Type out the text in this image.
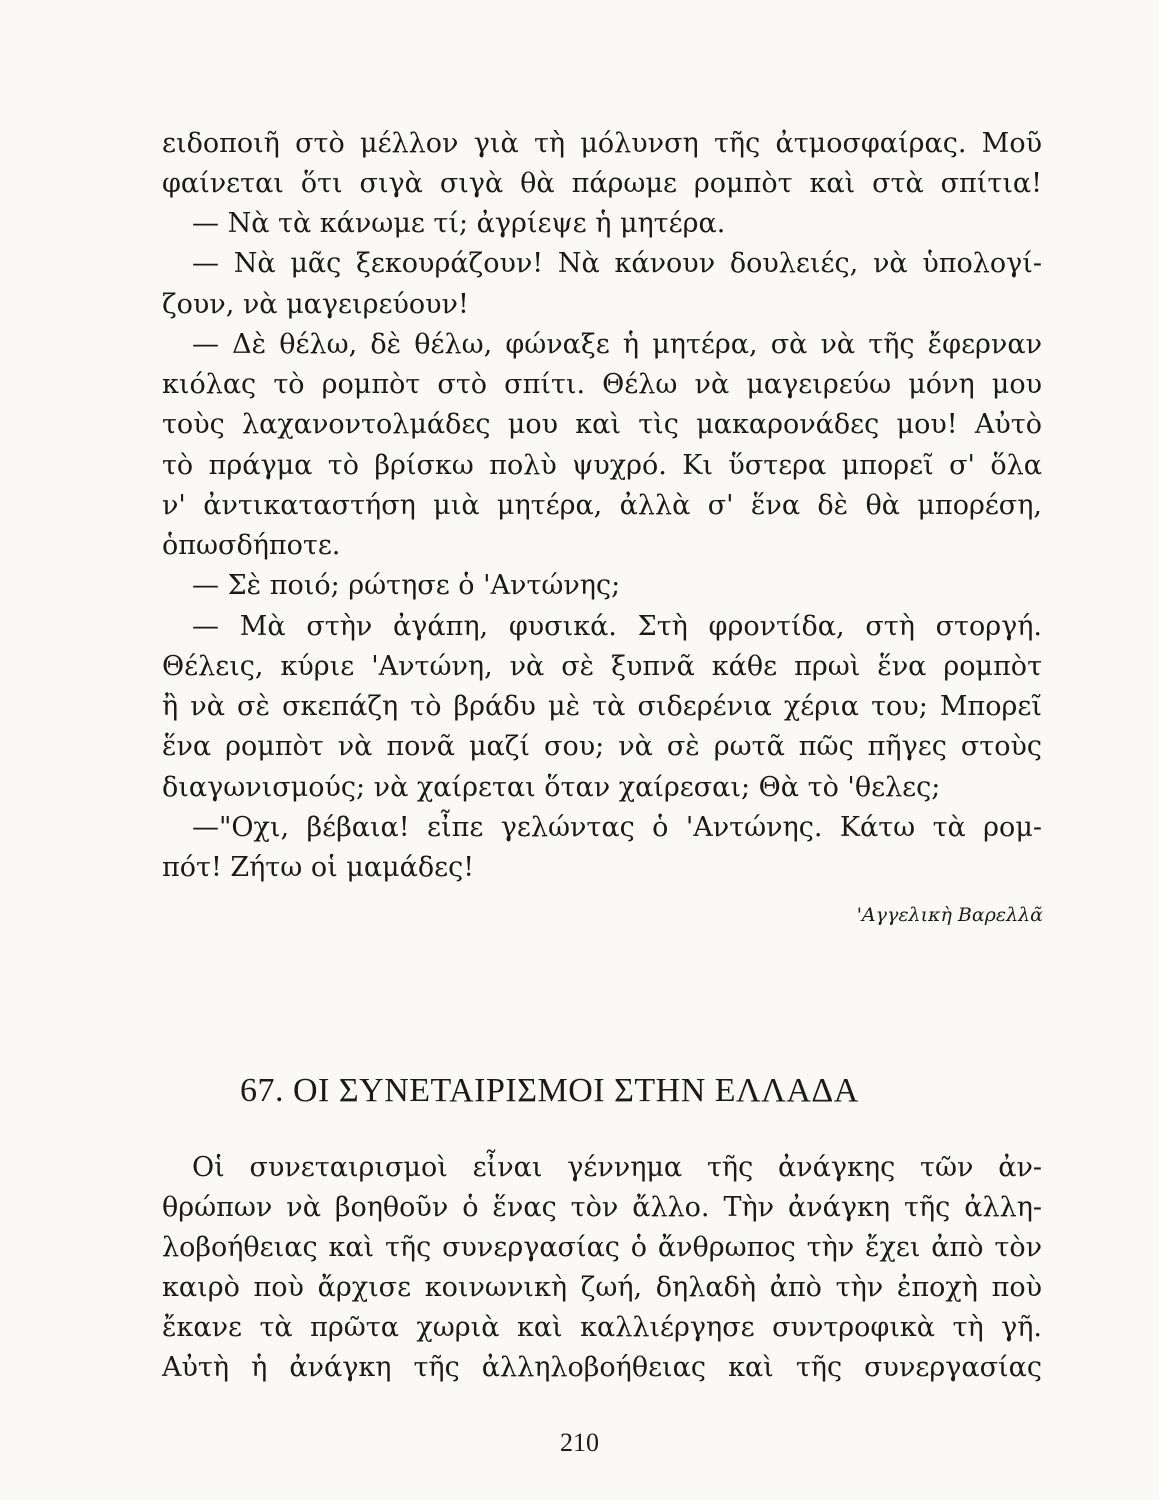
ειδοποιῆ στὸ μέλλον γιὰ τὴ μόλυνση τῆς ἀτμοσφαίρας. Μοῦ
φαίνεται ὅτι σιγὰ σιγὰ θὰ πάρωμε ρομπὸτ καὶ στὰ σπίτια!
— Νὰ τὰ κάνωμε τί; ἀγρίεψε ἡ μητέρα.
— Νὰ μᾶς ξεκουράζουν! Νὰ κάνουν δουλειές, νὰ ὑπολογί-
ζουν, νὰ μαγειρεύουν!
— Δὲ θέλω, δὲ θέλω, φώναξε ἡ μητέρα, σὰ νὰ τῆς ἔφερναν
κιόλας τὸ ρομπὸτ στὸ σπίτι. Θέλω νὰ μαγειρεύω μόνη μου
τοὺς λαχανοντολμάδες μου καὶ τὶς μακαρονάδες μου! Αὐτὸ
τὸ πράγμα τὸ βρίσκω πολὺ ψυχρό. Κι ὕστερα μπορεῖ σ' ὅλα
ν' ἀντικαταστήση μιὰ μητέρα, ἀλλὰ σ' ἕνα δὲ θὰ μπορέση,
ὁπωσδήποτε.
— Σὲ ποιό; ρώτησε ὁ 'Αντώνης;
— Μὰ στὴν ἀγάπη, φυσικά. Στὴ φροντίδα, στὴ στοργή.
Θέλεις, κύριε 'Αντώνη, νὰ σὲ ξυπνᾶ κάθε πρωὶ ἕνα ρομπὸτ
ἢ νὰ σὲ σκεπάζη τὸ βράδυ μὲ τὰ σιδερένια χέρια του; Μπορεῖ
ἕνα ρομπὸτ νὰ πονᾶ μαζί σου; νὰ σὲ ρωτᾶ πῶς πῆγες στοὺς
διαγωνισμούς; νὰ χαίρεται ὅταν χαίρεσαι; Θὰ τὸ 'θελες;
—"Οχι, βέβαια! εἶπε γελώντας ὁ 'Αντώνης. Κάτω τὰ ρομ-
πότ! Ζήτω οἱ μαμάδες!
'Αγγελικὴ Βαρελλᾶ
67. ΟΙ ΣΥΝΕΤΑΙΡΙΣΜΟΙ ΣΤΗΝ ΕΛΛΑΔΑ
Οἱ συνεταιρισμοὶ εἶναι γέννημα τῆς ἀνάγκης τῶν ἀν-
θρώπων νὰ βοηθοῦν ὁ ἕνας τὸν ἄλλο. Τὴν ἀνάγκη τῆς ἀλλη-
λοβοήθειας καὶ τῆς συνεργασίας ὁ ἄνθρωπος τὴν ἔχει ἀπὸ τὸν
καιρὸ ποὺ ἄρχισε κοινωνικὴ ζωή, δηλαδὴ ἀπὸ τὴν ἐποχὴ ποὺ
ἔκανε τὰ πρῶτα χωριὰ καὶ καλλιέργησε συντροφικὰ τὴ γῆ.
Αὐτὴ ἡ ἀνάγκη τῆς ἀλληλοβοήθειας καὶ τῆς συνεργασίας
210
